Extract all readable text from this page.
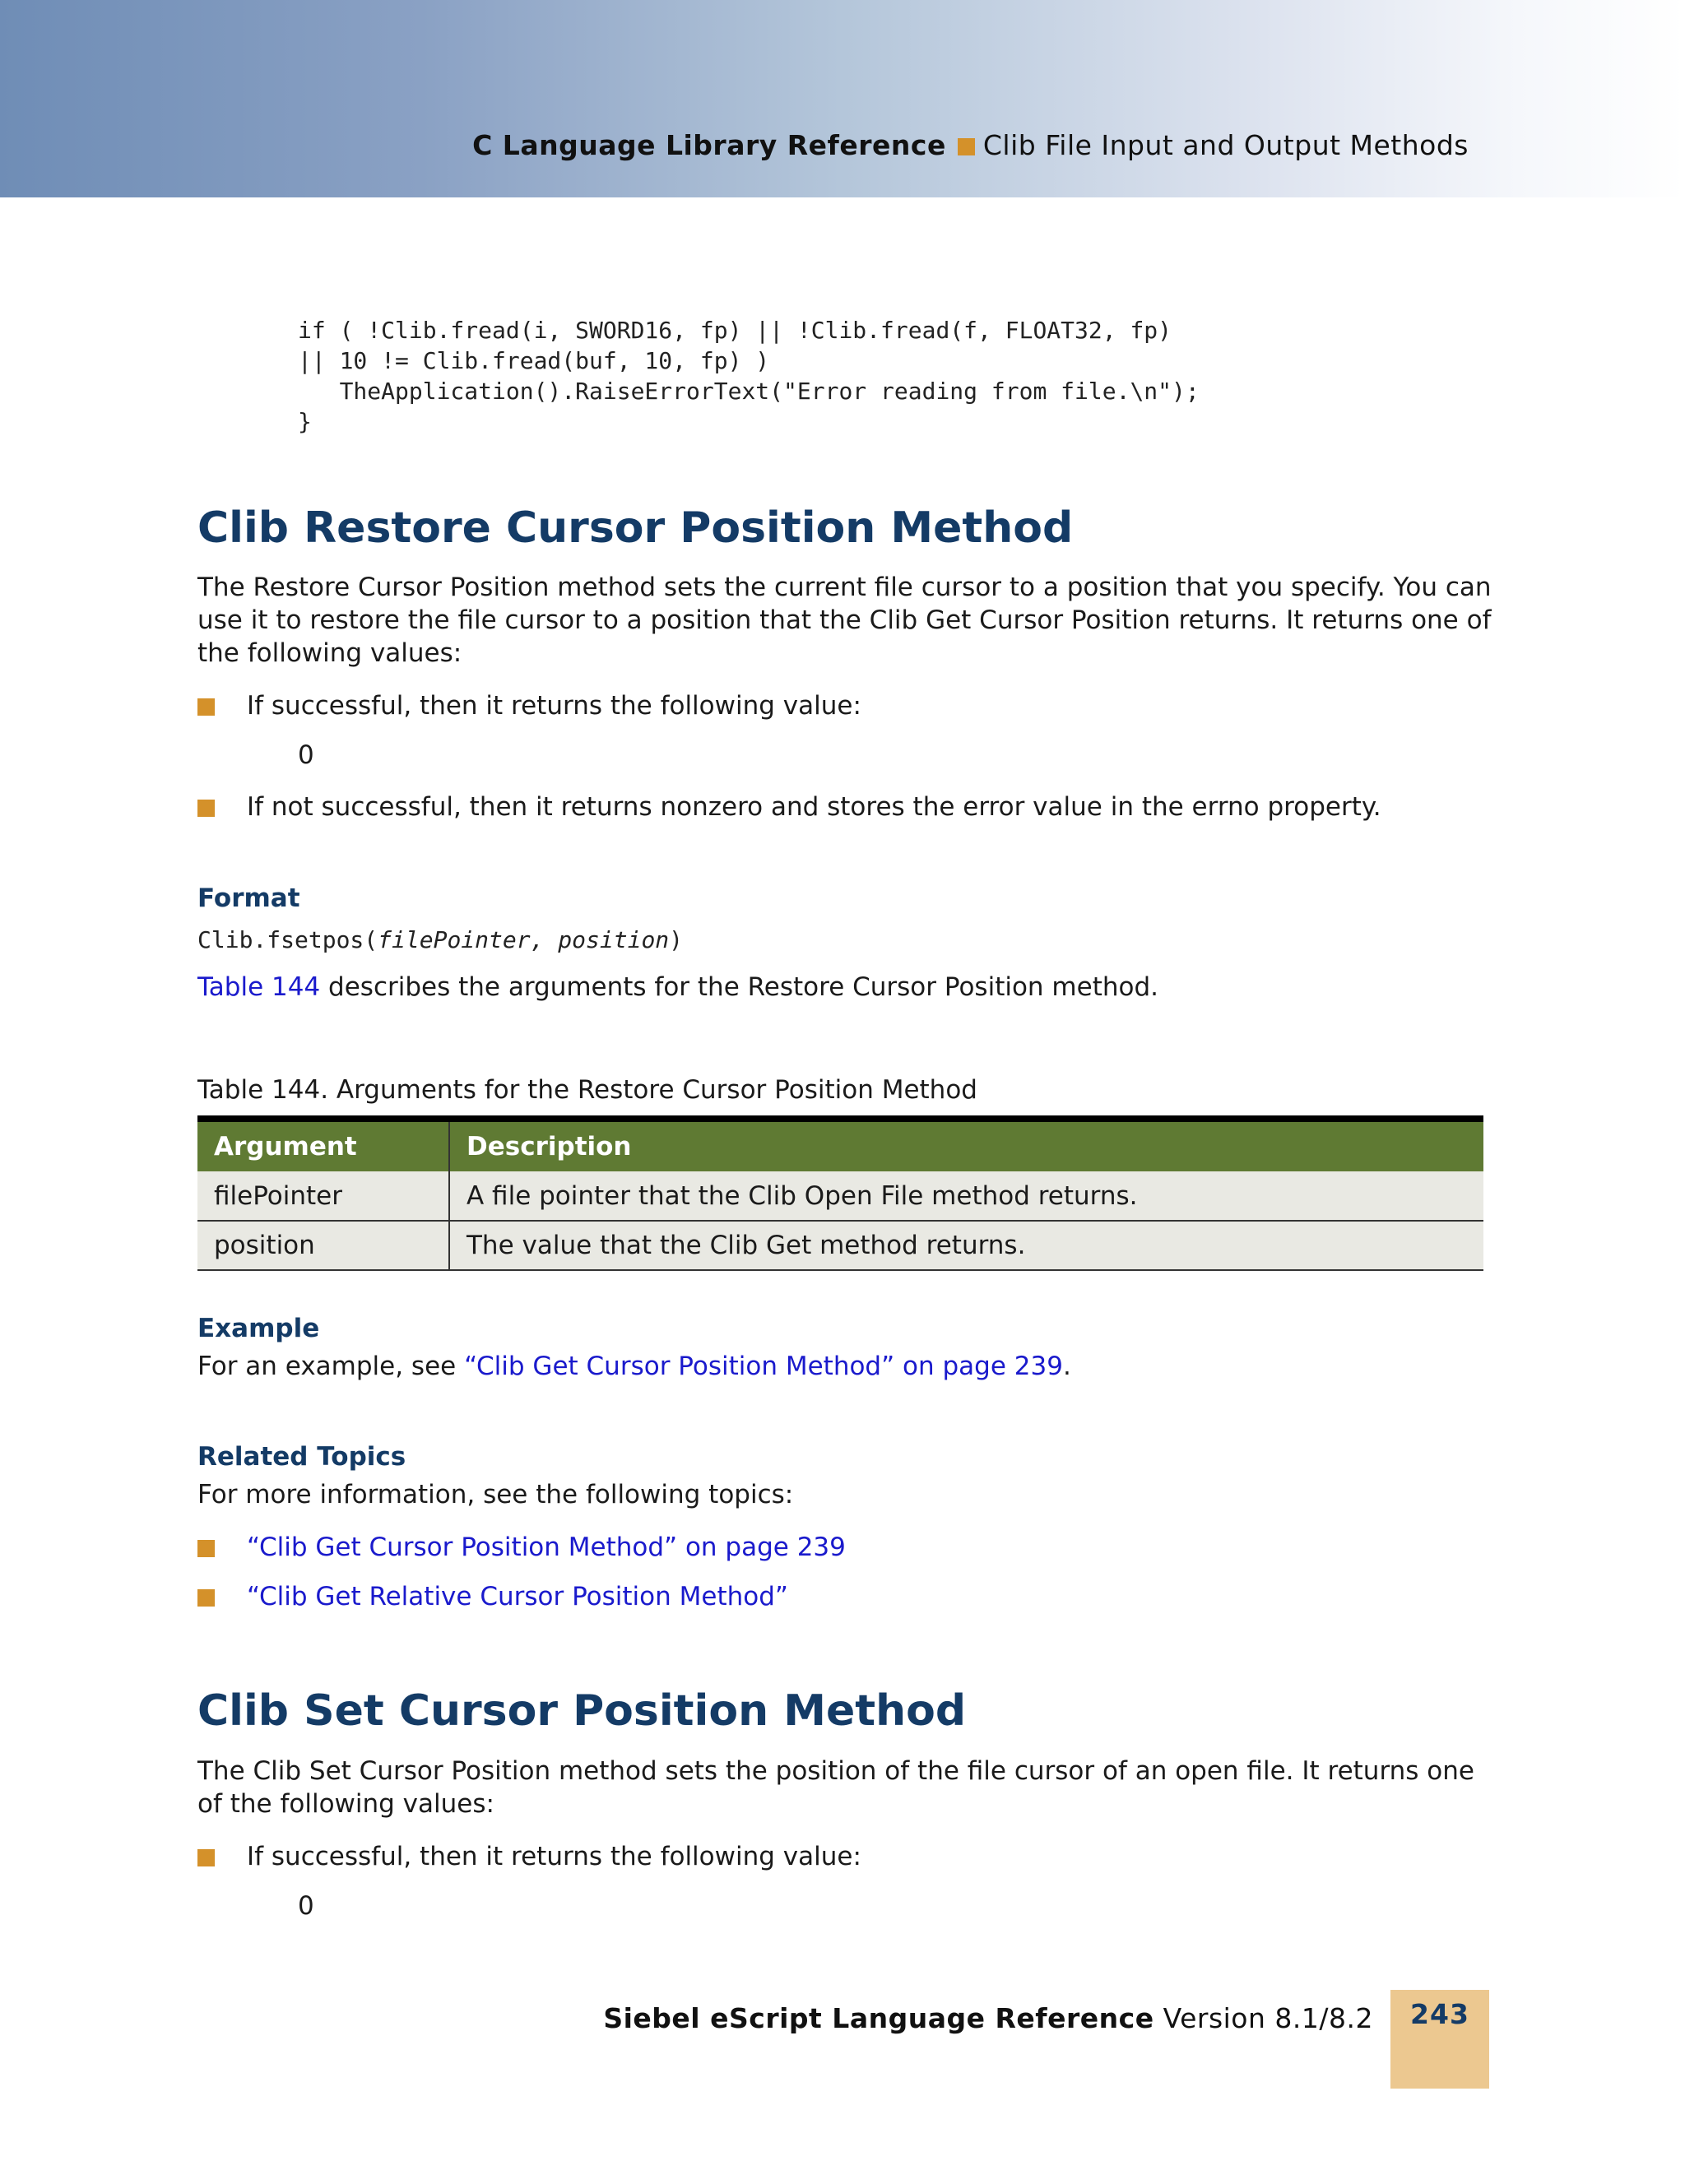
C Language Library Reference Clib File Input and Output Methods
if ( !Clib.fread(i, SWORD16, fp) || !Clib.fread(f, FLOAT32, fp)
|| 10 != Clib.fread(buf, 10, fp) )
TheApplication().RaiseErrorText("Error reading from file.\n");
}
Clib Restore Cursor Position Method
The Restore Cursor Position method sets the current file cursor to a position that you specify. You can use it to restore the file cursor to a position that the Clib Get Cursor Position returns. It returns one of the following values:
If successful, then it returns the following value:
0
If not successful, then it returns nonzero and stores the error value in the errno property.
Format
Clib.fsetpos(filePointer, position)
Table 144 describes the arguments for the Restore Cursor Position method.
Table 144. Arguments for the Restore Cursor Position Method
Argument	Description
filePointer	A file pointer that the Clib Open File method returns.
position	The value that the Clib Get method returns.
Example
For an example, see “Clib Get Cursor Position Method” on page 239.
Related Topics
For more information, see the following topics:
“Clib Get Cursor Position Method” on page 239
“Clib Get Relative Cursor Position Method”
Clib Set Cursor Position Method
The Clib Set Cursor Position method sets the position of the file cursor of an open file. It returns one of the following values:
If successful, then it returns the following value:
0
Siebel eScript Language Reference Version 8.1/8.2	243
